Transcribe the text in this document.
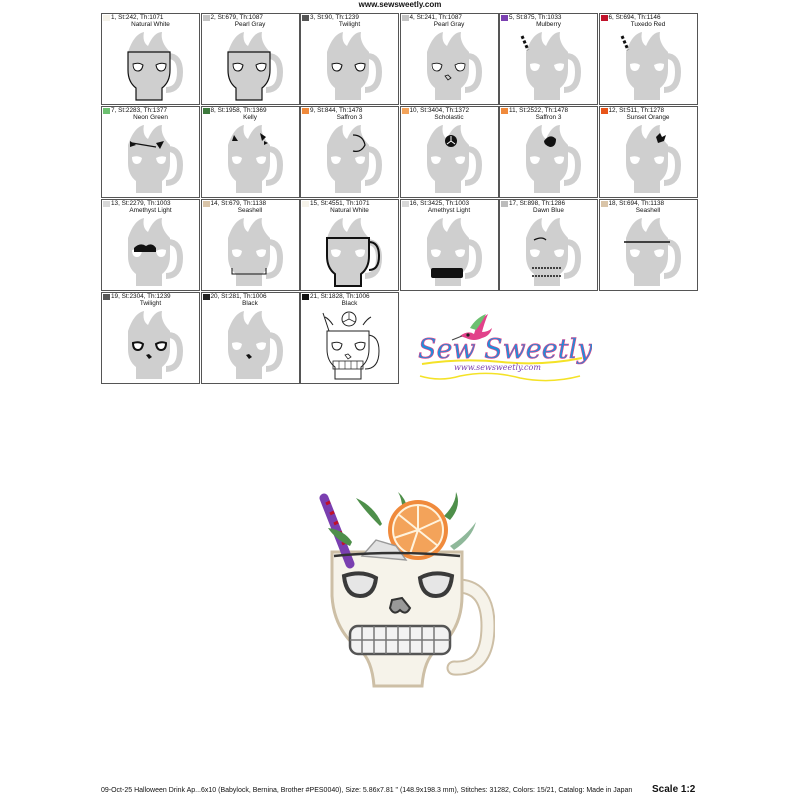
www.sewsweetly.com
1, St:242, Th:1071
Natural White
2, St:679, Th:1087
Pearl Gray
3, St:90, Th:1239
Twilight
4, St:241, Th:1087
Pearl Gray
5, St:875, Th:1033
Mulberry
6, St:694, Th:1146
Tuxedo Red
7, St:2283, Th:1377
Neon Green
8, St:1958, Th:1369
Kelly
9, St:844, Th:1478
Saffron 3
10, St:3404, Th:1372
Scholastic
11, St:2522, Th:1478
Saffron 3
12, St:511, Th:1278
Sunset Orange
13, St:2279, Th:1003
Amethyst Light
14, St:679, Th:1138
Seashell
15, St:4551, Th:1071
Natural White
16, St:3425, Th:1003
Amethyst Light
17, St:898, Th:1286
Dawn Blue
18, St:694, Th:1138
Seashell
19, St:2304, Th:1239
Twilight
20, St:281, Th:1006
Black
21, St:1828, Th:1006
Black
Sew Sweetly
www.sewsweetly.com
09-Oct-25 Halloween Drink Ap...6x10 (Babylock, Bernina, Brother #PES0040), Size: 5.86x7.81 " (148.9x198.3 mm), Stitches: 31282, Colors: 15/21, Catalog: Made in Japan Scale 1:2
